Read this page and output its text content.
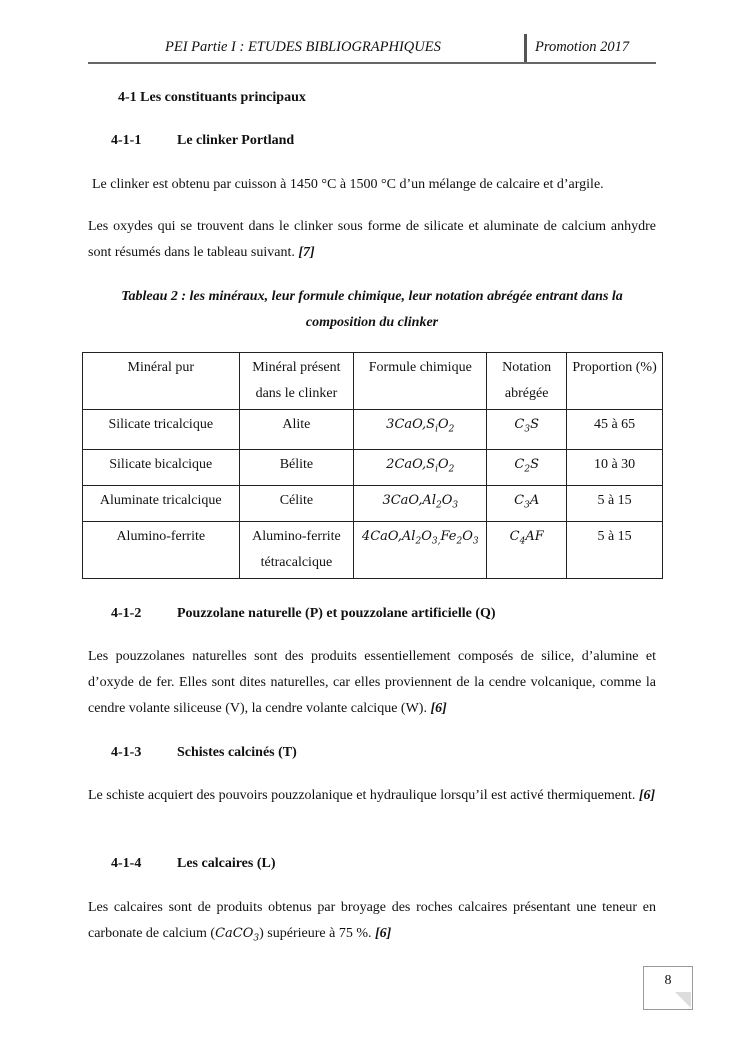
PEI Partie I : ETUDES BIBLIOGRAPHIQUES	Promotion 2017
4-1 Les constituants principaux
4-1-1	Le clinker Portland
Le clinker est obtenu par cuisson à 1450 °C à 1500 °C d’un mélange de calcaire et d’argile.
Les oxydes qui se trouvent dans le clinker sous forme de silicate et aluminate de calcium anhydre sont résumés dans le tableau suivant. [7]
Tableau 2 : les minéraux, leur formule chimique, leur notation abrégée entrant dans la
composition du clinker
Minéral pur	Minéral présent dans le clinker	Formule chimique	Notation abrégée	Proportion (%)
Silicate tricalcique	Alite	$3CaO,S_iO_2$	$C_3S$	45 à 65
Silicate bicalcique	Bélite	$2CaO,S_iO_2$	$C_2S$	10 à 30
Aluminate tricalcique	Célite	$3CaO,Al_2O_3$	$C_3A$	5 à 15
Alumino-ferrite	Alumino-ferrite tétracalcique	$4CaO,Al_2O_{3,}Fe_2O_3$	$C_4AF$	5 à 15
4-1-2	Pouzzolane naturelle (P) et pouzzolane artificielle (Q)
Les pouzzolanes naturelles sont des produits essentiellement composés de silice, d’alumine et d’oxyde de fer. Elles sont dites naturelles, car elles proviennent de la cendre volcanique, comme la cendre volante siliceuse (V), la cendre volante calcique (W). [6]
4-1-3	Schistes calcinés (T)
Le schiste acquiert des pouvoirs pouzzolanique et hydraulique lorsqu’il est activé thermiquement. [6]
4-1-4	Les calcaires (L)
Les calcaires sont de produits obtenus par broyage des roches calcaires présentant une teneur en carbonate de calcium (CaCO$_3$) supérieure à 75 %. [6]
8
